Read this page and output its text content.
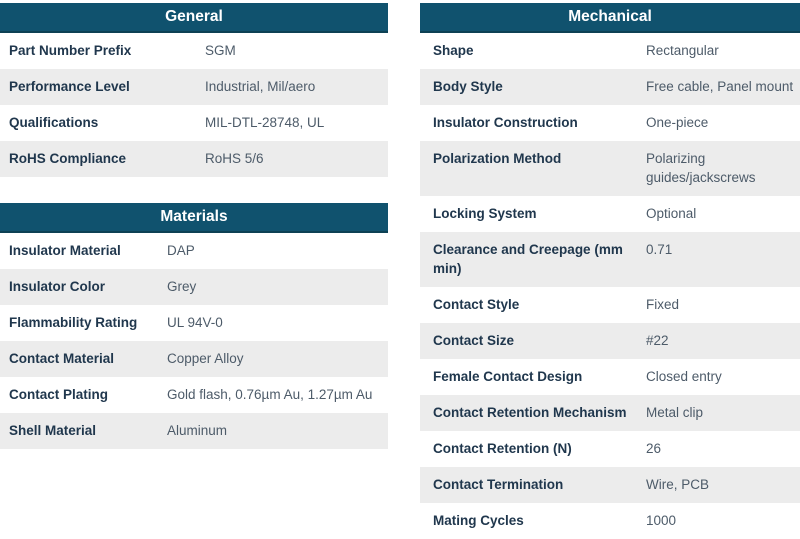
General
Part Number Prefix	SGM
Performance Level	Industrial, Mil/aero
Qualifications	MIL-DTL-28748, UL
RoHS Compliance	RoHS 5/6
Materials
Insulator Material	DAP
Insulator Color	Grey
Flammability Rating	UL 94V-0
Contact Material	Copper Alloy
Contact Plating	Gold flash, 0.76µm Au, 1.27µm Au
Shell Material	Aluminum
Mechanical
Shape	Rectangular
Body Style	Free cable, Panel mount
Insulator Construction	One-piece
Polarization Method	Polarizing guides/jackscrews
Locking System	Optional
Clearance and Creepage (mm min)	0.71
Contact Style	Fixed
Contact Size	#22
Female Contact Design	Closed entry
Contact Retention Mechanism	Metal clip
Contact Retention (N)	26
Contact Termination	Wire, PCB
Mating Cycles	1000
